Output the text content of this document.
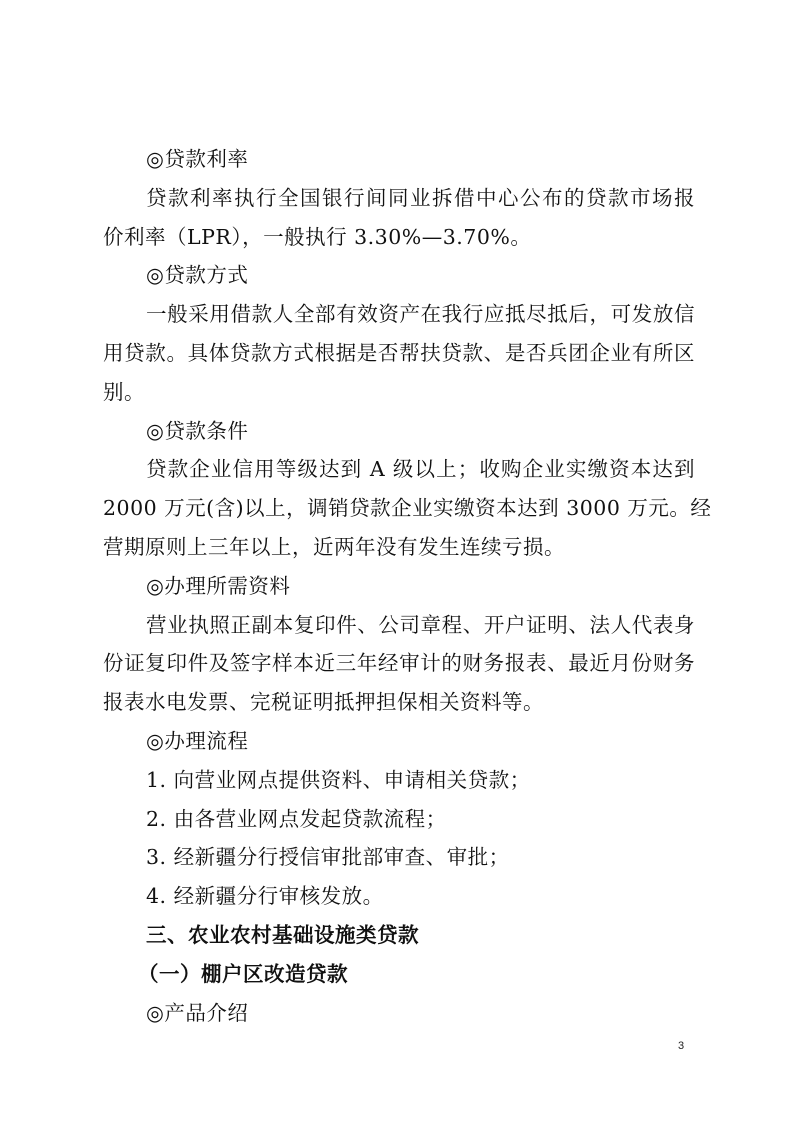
◎贷款利率
贷款利率执行全国银行间同业拆借中心公布的贷款市场报
价利率（LPR），一般执行 3.30%—3.70%。
◎贷款方式
一般采用借款人全部有效资产在我行应抵尽抵后，可发放信
用贷款。具体贷款方式根据是否帮扶贷款、是否兵团企业有所区
别。
◎贷款条件
贷款企业信用等级达到 A 级以上；收购企业实缴资本达到
2000 万元(含)以上，调销贷款企业实缴资本达到 3000 万元。经
营期原则上三年以上，近两年没有发生连续亏损。
◎办理所需资料
营业执照正副本复印件、公司章程、开户证明、法人代表身
份证复印件及签字样本近三年经审计的财务报表、最近月份财务
报表水电发票、完税证明抵押担保相关资料等。
◎办理流程
1. 向营业网点提供资料、申请相关贷款；
2. 由各营业网点发起贷款流程；
3. 经新疆分行授信审批部审查、审批；
4. 经新疆分行审核发放。
三、农业农村基础设施类贷款
（一）棚户区改造贷款
◎产品介绍
3
